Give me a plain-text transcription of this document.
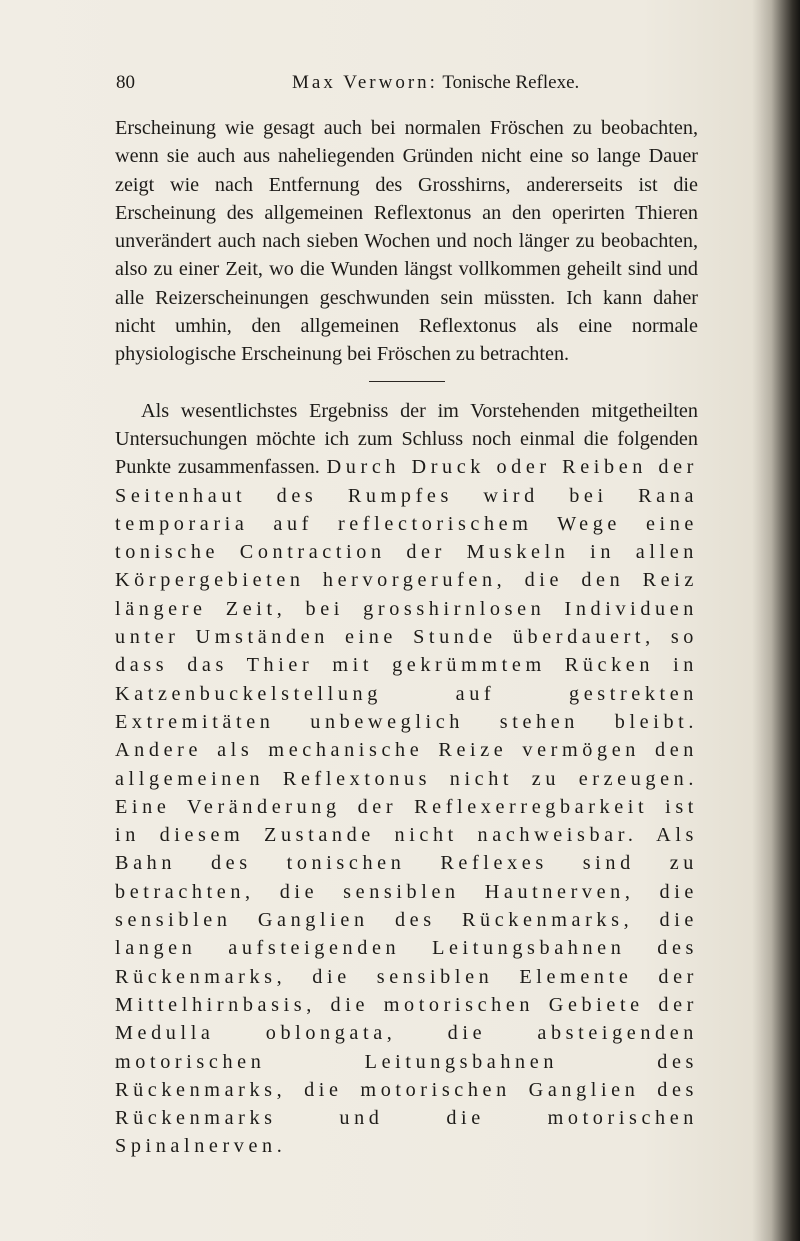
80	Max Verworn: Tonische Reflexe.

Erscheinung wie gesagt auch bei normalen Fröschen zu beobachten, wenn sie auch aus naheliegenden Gründen nicht eine so lange Dauer zeigt wie nach Entfernung des Grosshirns, andererseits ist die Erscheinung des allgemeinen Reflextonus an den operirten Thieren unverändert auch nach sieben Wochen und noch länger zu beobachten, also zu einer Zeit, wo die Wunden längst vollkommen geheilt sind und alle Reizerscheinungen geschwunden sein müssten. Ich kann daher nicht umhin, den allgemeinen Reflextonus als eine normale physiologische Erscheinung bei Fröschen zu betrachten.

Als wesentlichstes Ergebniss der im Vorstehenden mitgetheilten Untersuchungen möchte ich zum Schluss noch einmal die folgenden Punkte zusammenfassen. Durch Druck oder Reiben der Seitenhaut des Rumpfes wird bei Rana temporaria auf reflectorischem Wege eine tonische Contraction der Muskeln in allen Körpergebieten hervorgerufen, die den Reiz längere Zeit, bei grosshirnlosen Individuen unter Umständen eine Stunde überdauert, so dass das Thier mit gekrümmtem Rücken in Katzenbuckelstellung auf gestrekten Extremitäten unbeweglich stehen bleibt. Andere als mechanische Reize vermögen den allgemeinen Reflextonus nicht zu erzeugen. Eine Veränderung der Reflexerregbarkeit ist in diesem Zustande nicht nachweisbar. Als Bahn des tonischen Reflexes sind zu betrachten, die sensiblen Hautnerven, die sensiblen Ganglien des Rückenmarks, die langen aufsteigenden Leitungsbahnen des Rückenmarks, die sensiblen Elemente der Mittelhirnbasis, die motorischen Gebiete der Medulla oblongata, die absteigenden motorischen Leitungsbahnen des Rückenmarks, die motorischen Ganglien des Rückenmarks und die motorischen Spinalnerven.
